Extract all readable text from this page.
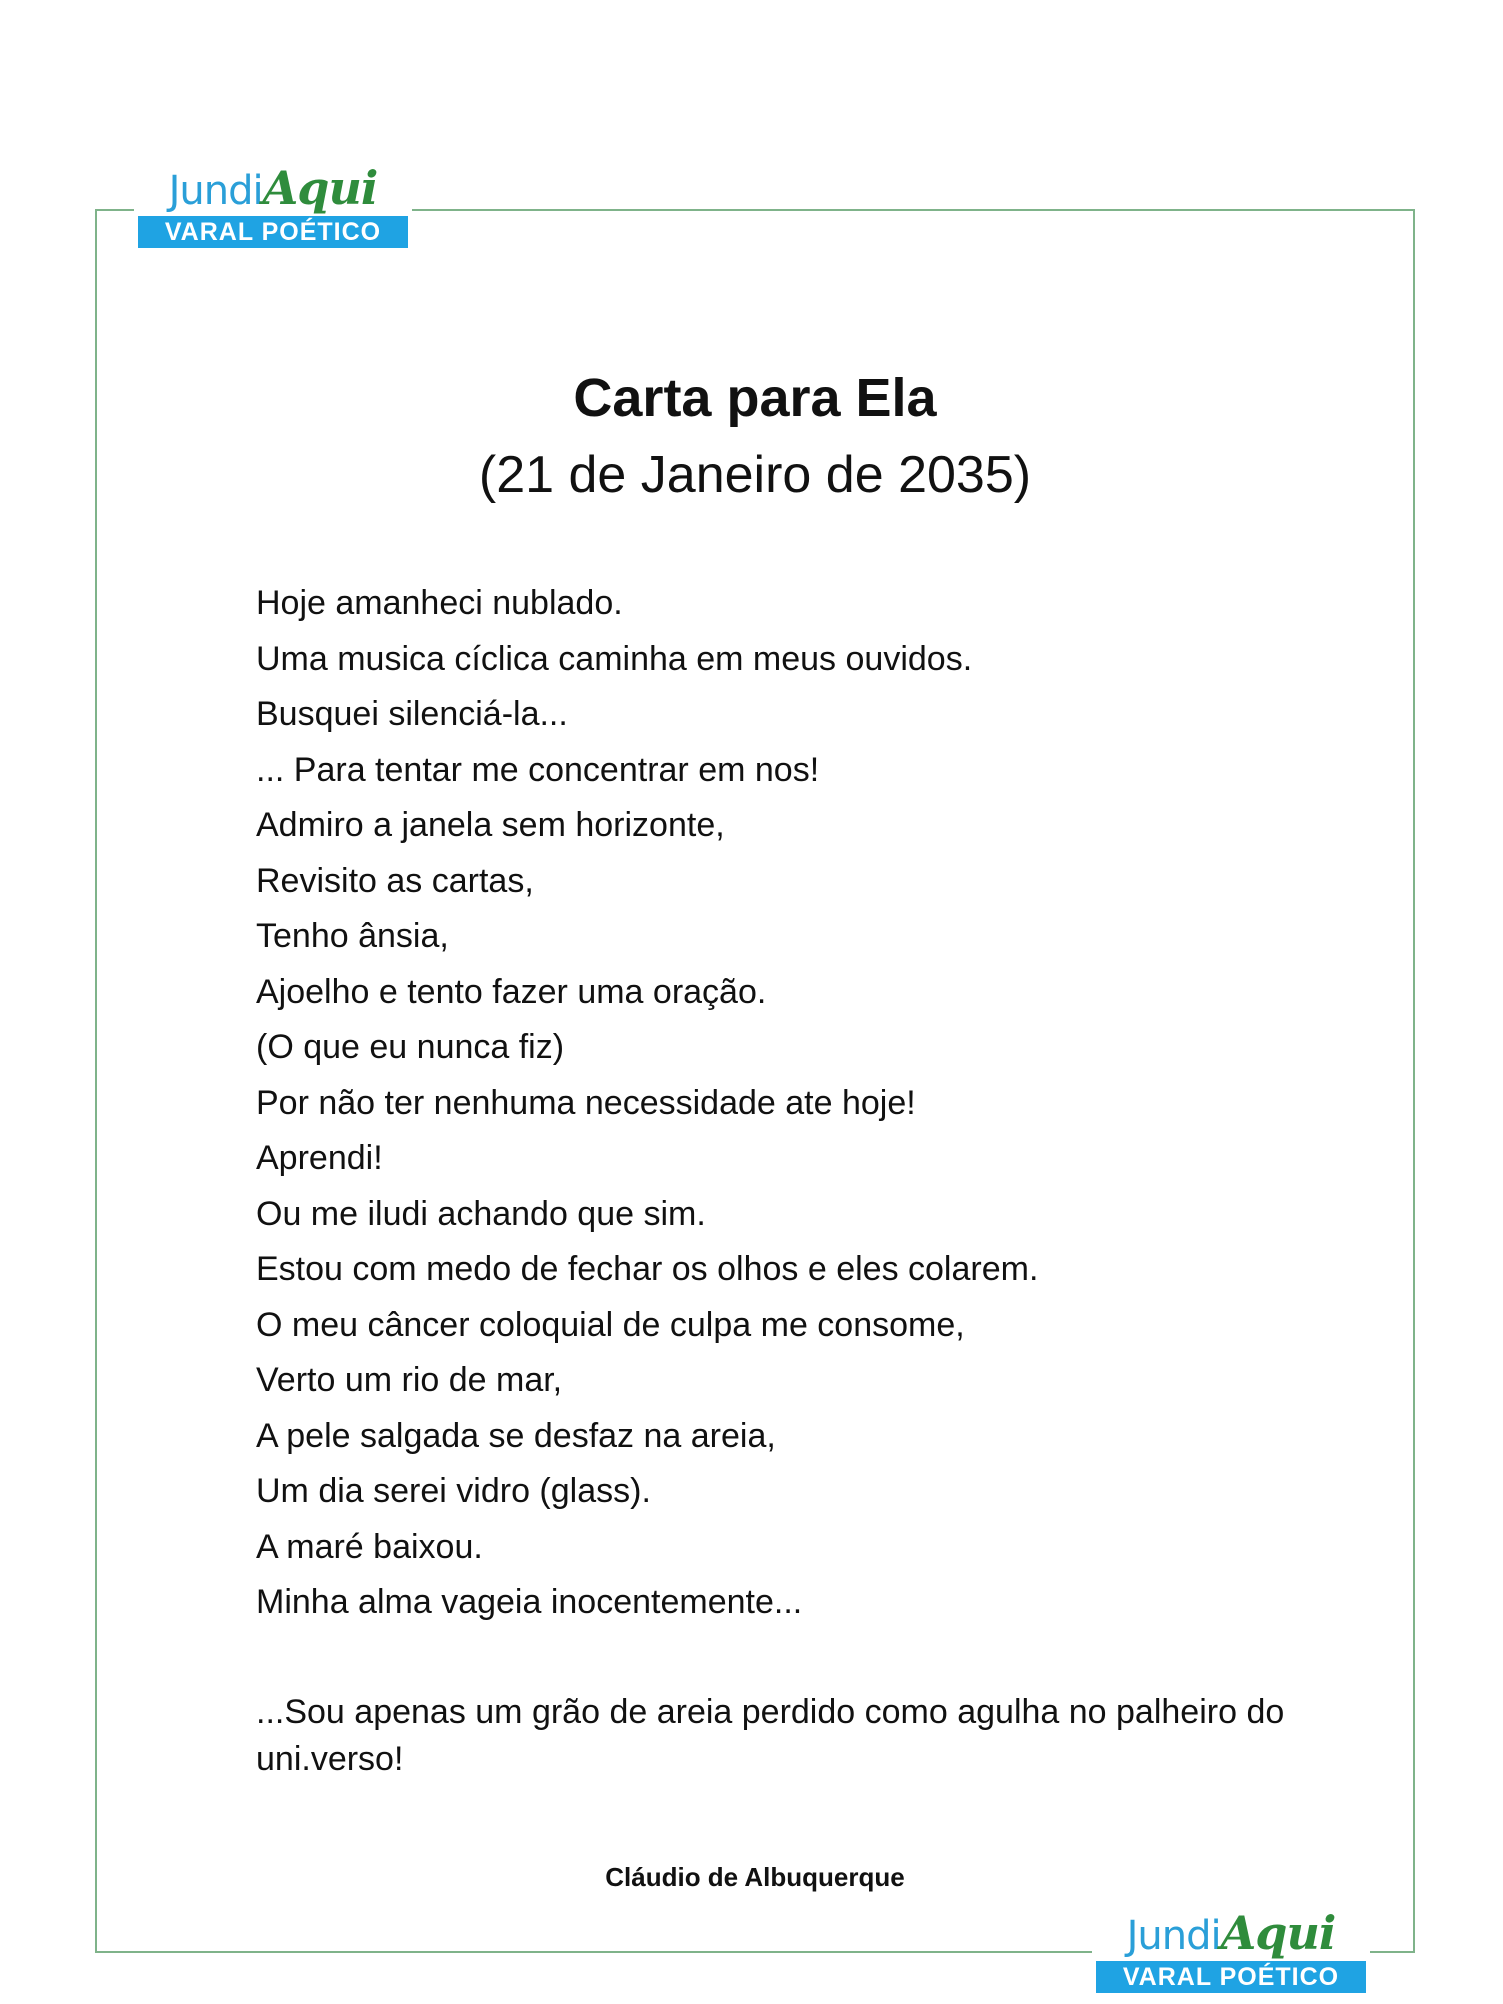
JundiAqui
VARAL POÉTICO
Carta para Ela
(21 de Janeiro de 2035)
Hoje amanheci nublado.
Uma musica cíclica caminha em meus ouvidos.
Busquei silenciá-la...
... Para tentar me concentrar em nos!
Admiro a janela sem horizonte,
Revisito as cartas,
Tenho ânsia,
Ajoelho e tento fazer uma oração.
(O que eu nunca fiz)
Por não ter nenhuma necessidade ate hoje!
Aprendi!
Ou me iludi achando que sim.
Estou com medo de fechar os olhos e eles colarem.
O meu câncer coloquial de culpa me consome,
Verto um rio de mar,
A pele salgada se desfaz na areia,
Um dia serei vidro (glass).
A maré baixou.
Minha alma vageia inocentemente...
...Sou apenas um grão de areia perdido como agulha no palheiro do uni.verso!
Cláudio de Albuquerque
JundiAqui
VARAL POÉTICO
